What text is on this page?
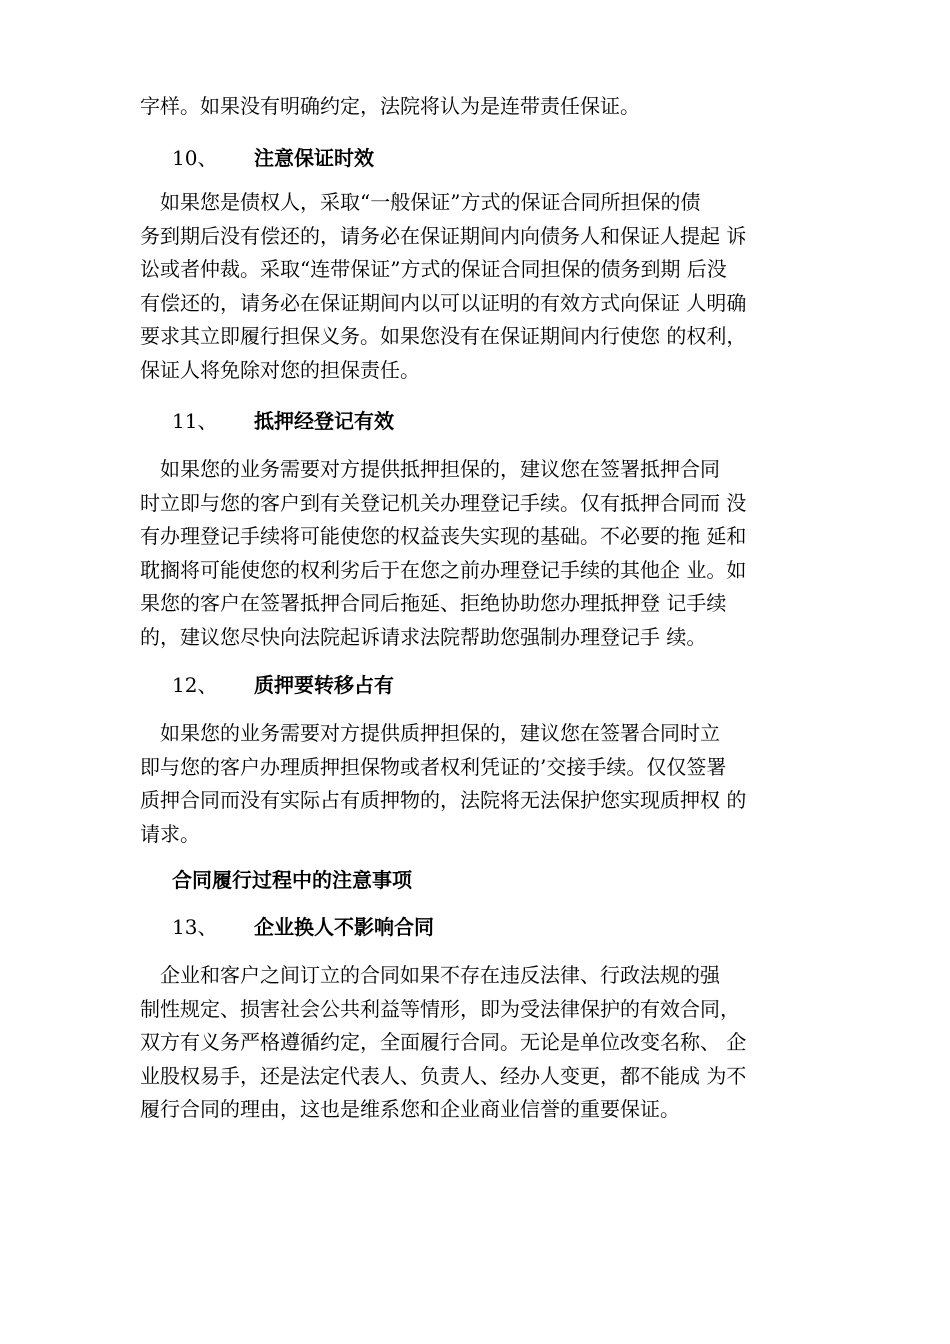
字样。如果没有明确约定，法院将认为是连带责任保证。
10、 注意保证时效
　如果您是债权人，采取“一般保证”方式的保证合同所担保的债
务到期后没有偿还的，请务必在保证期间内向债务人和保证人提起 诉
讼或者仲裁。采取“连带保证”方式的保证合同担保的债务到期 后没
有偿还的，请务必在保证期间内以可以证明的有效方式向保证 人明确
要求其立即履行担保义务。如果您没有在保证期间内行使您 的权利，
保证人将免除对您的担保责任。
11、 抵押经登记有效
　如果您的业务需要对方提供抵押担保的，建议您在签署抵押合同
时立即与您的客户到有关登记机关办理登记手续。仅有抵押合同而 没
有办理登记手续将可能使您的权益丧失实现的基础。不必要的拖 延和
耽搁将可能使您的权利劣后于在您之前办理登记手续的其他企 业。如
果您的客户在签署抵押合同后拖延、拒绝协助您办理抵押登 记手续
的，建议您尽快向法院起诉请求法院帮助您强制办理登记手 续。
12、 质押要转移占有
　如果您的业务需要对方提供质押担保的，建议您在签署合同时立
即与您的客户办理质押担保物或者权利凭证的’交接手续。仅仅签署
质押合同而没有实际占有质押物的，法院将无法保护您实现质押权 的
请求。
合同履行过程中的注意事项
13、 企业换人不影响合同
　企业和客户之间订立的合同如果不存在违反法律、行政法规的强
制性规定、损害社会公共利益等情形，即为受法律保护的有效合同，
双方有义务严格遵循约定，全面履行合同。无论是单位改变名称、 企
业股权易手，还是法定代表人、负责人、经办人变更，都不能成 为不
履行合同的理由，这也是维系您和企业商业信誉的重要保证。
